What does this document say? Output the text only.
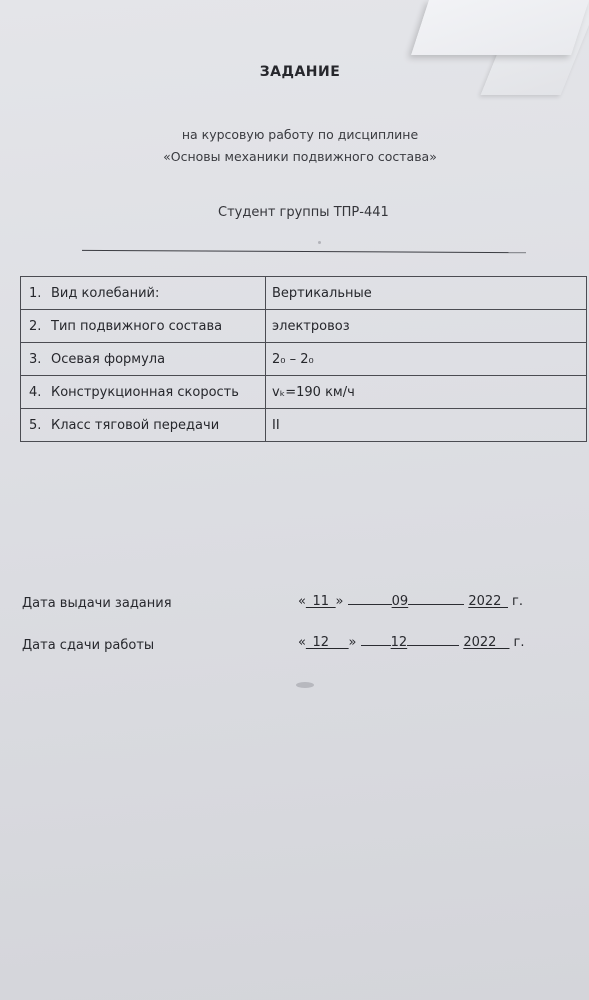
ЗАДАНИЕ
на курсовую работу по дисциплине
«Основы механики подвижного состава»
Студент группы ТПР-441
1. Вид колебаний:	Вертикальные
2. Тип подвижного состава	электровоз
3. Осевая формула	2₀ – 2₀
4. Конструкционная скорость	vₖ=190 км/ч
5. Класс тяговой передачи	II
Дата выдачи задания	«_11_»	09	2022_ г.
Дата сдачи работы	«_12___»	12	2022__ г.
